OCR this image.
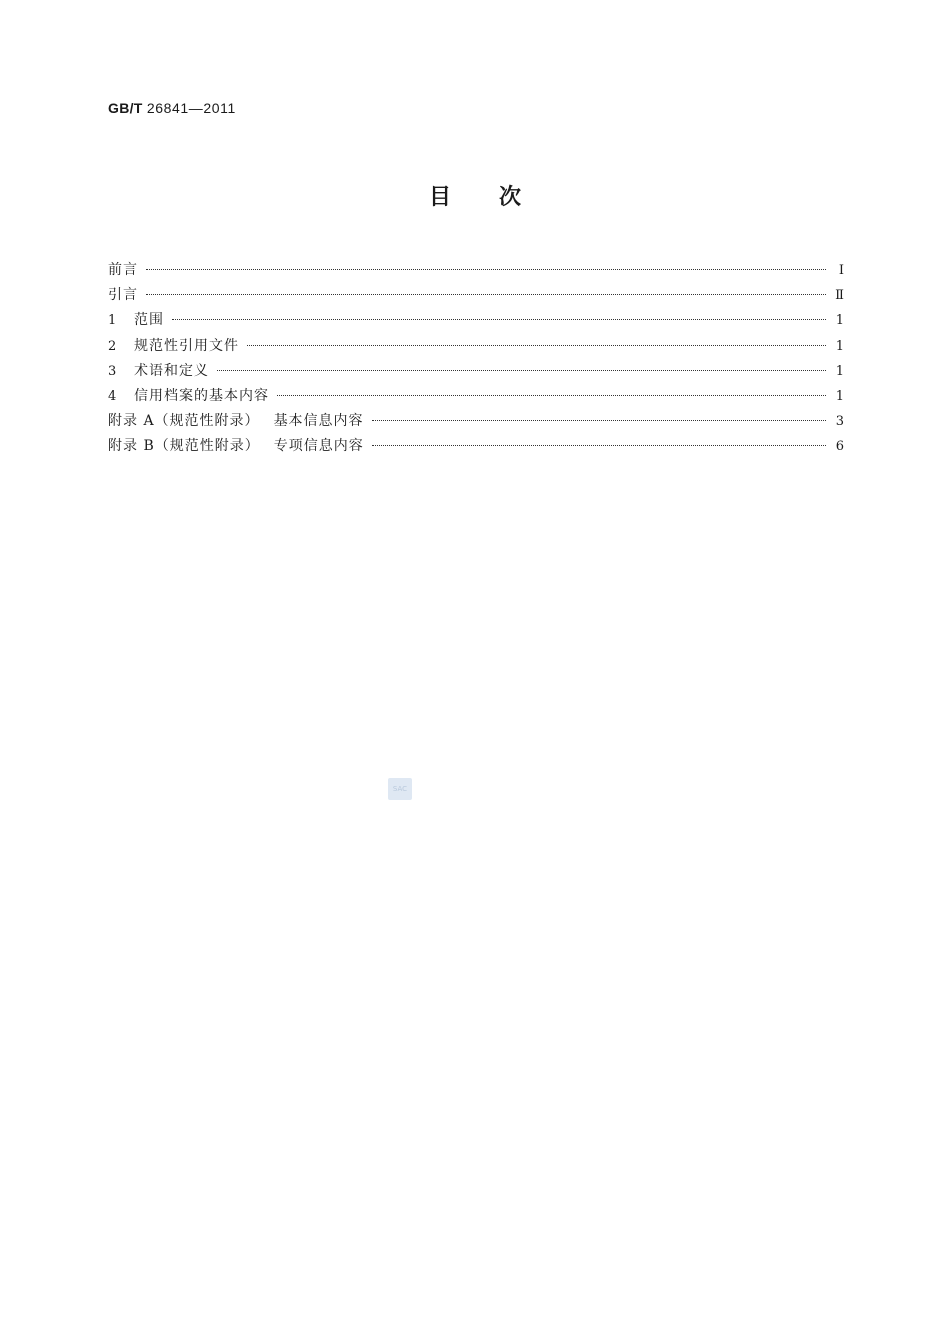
GB/T 26841—2011
目次
前言	Ⅰ
引言	Ⅱ
1 范围	1
2 规范性引用文件	1
3 术语和定义	1
4 信用档案的基本内容	1
附录 A（规范性附录） 基本信息内容	3
附录 B（规范性附录） 专项信息内容	6
SAC
